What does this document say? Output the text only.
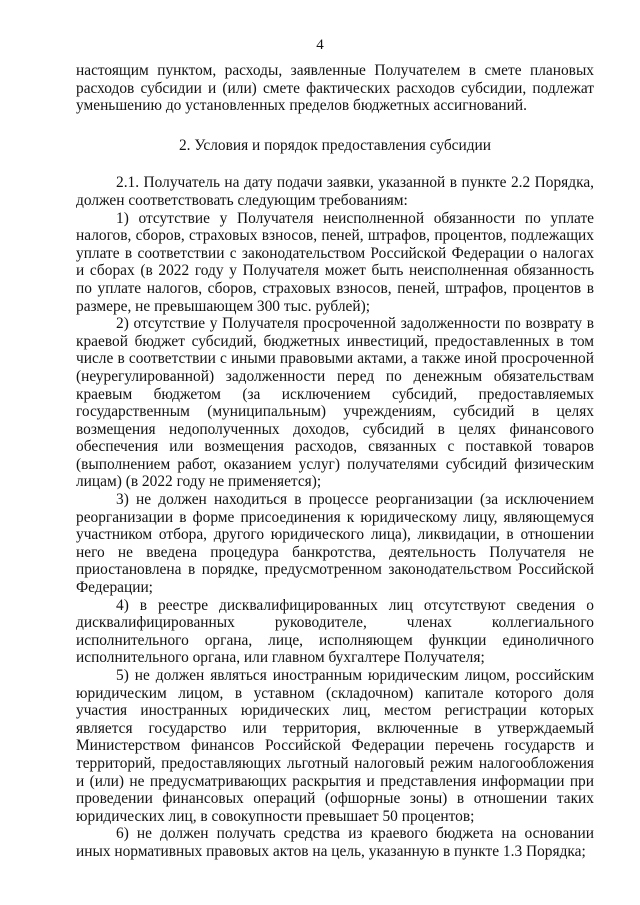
4

настоящим пунктом, расходы, заявленные Получателем в смете плановых расходов субсидии и (или) смете фактических расходов субсидии, подлежат уменьшению до установленных пределов бюджетных ассигнований.

2. Условия и порядок предоставления субсидии

2.1. Получатель на дату подачи заявки, указанной в пункте 2.2 Порядка, должен соответствовать следующим требованиям:

1) отсутствие у Получателя неисполненной обязанности по уплате налогов, сборов, страховых взносов, пеней, штрафов, процентов, подлежащих уплате в соответствии с законодательством Российской Федерации о налогах и сборах (в 2022 году у Получателя может быть неисполненная обязанность по уплате налогов, сборов, страховых взносов, пеней, штрафов, процентов в размере, не превышающем 300 тыс. рублей);

2) отсутствие у Получателя просроченной задолженности по возврату в краевой бюджет субсидий, бюджетных инвестиций, предоставленных в том числе в соответствии с иными правовыми актами, а также иной просроченной (неурегулированной) задолженности перед по денежным обязательствам краевым бюджетом (за исключением субсидий, предоставляемых государственным (муниципальным) учреждениям, субсидий в целях возмещения недополученных доходов, субсидий в целях финансового обеспечения или возмещения расходов, связанных с поставкой товаров (выполнением работ, оказанием услуг) получателями субсидий физическим лицам) (в 2022 году не применяется);

3) не должен находиться в процессе реорганизации (за исключением реорганизации в форме присоединения к юридическому лицу, являющемуся участником отбора, другого юридического лица), ликвидации, в отношении него не введена процедура банкротства, деятельность Получателя не приостановлена в порядке, предусмотренном законодательством Российской Федерации;

4) в реестре дисквалифицированных лиц отсутствуют сведения о дисквалифицированных руководителе, членах коллегиального исполнительного органа, лице, исполняющем функции единоличного исполнительного органа, или главном бухгалтере Получателя;

5) не должен являться иностранным юридическим лицом, российским юридическим лицом, в уставном (складочном) капитале которого доля участия иностранных юридических лиц, местом регистрации которых является государство или территория, включенные в утверждаемый Министерством финансов Российской Федерации перечень государств и территорий, предоставляющих льготный налоговый режим налогообложения и (или) не предусматривающих раскрытия и представления информации при проведении финансовых операций (офшорные зоны) в отношении таких юридических лиц, в совокупности превышает 50 процентов;

6) не должен получать средства из краевого бюджета на основании иных нормативных правовых актов на цель, указанную в пункте 1.3 Порядка;
